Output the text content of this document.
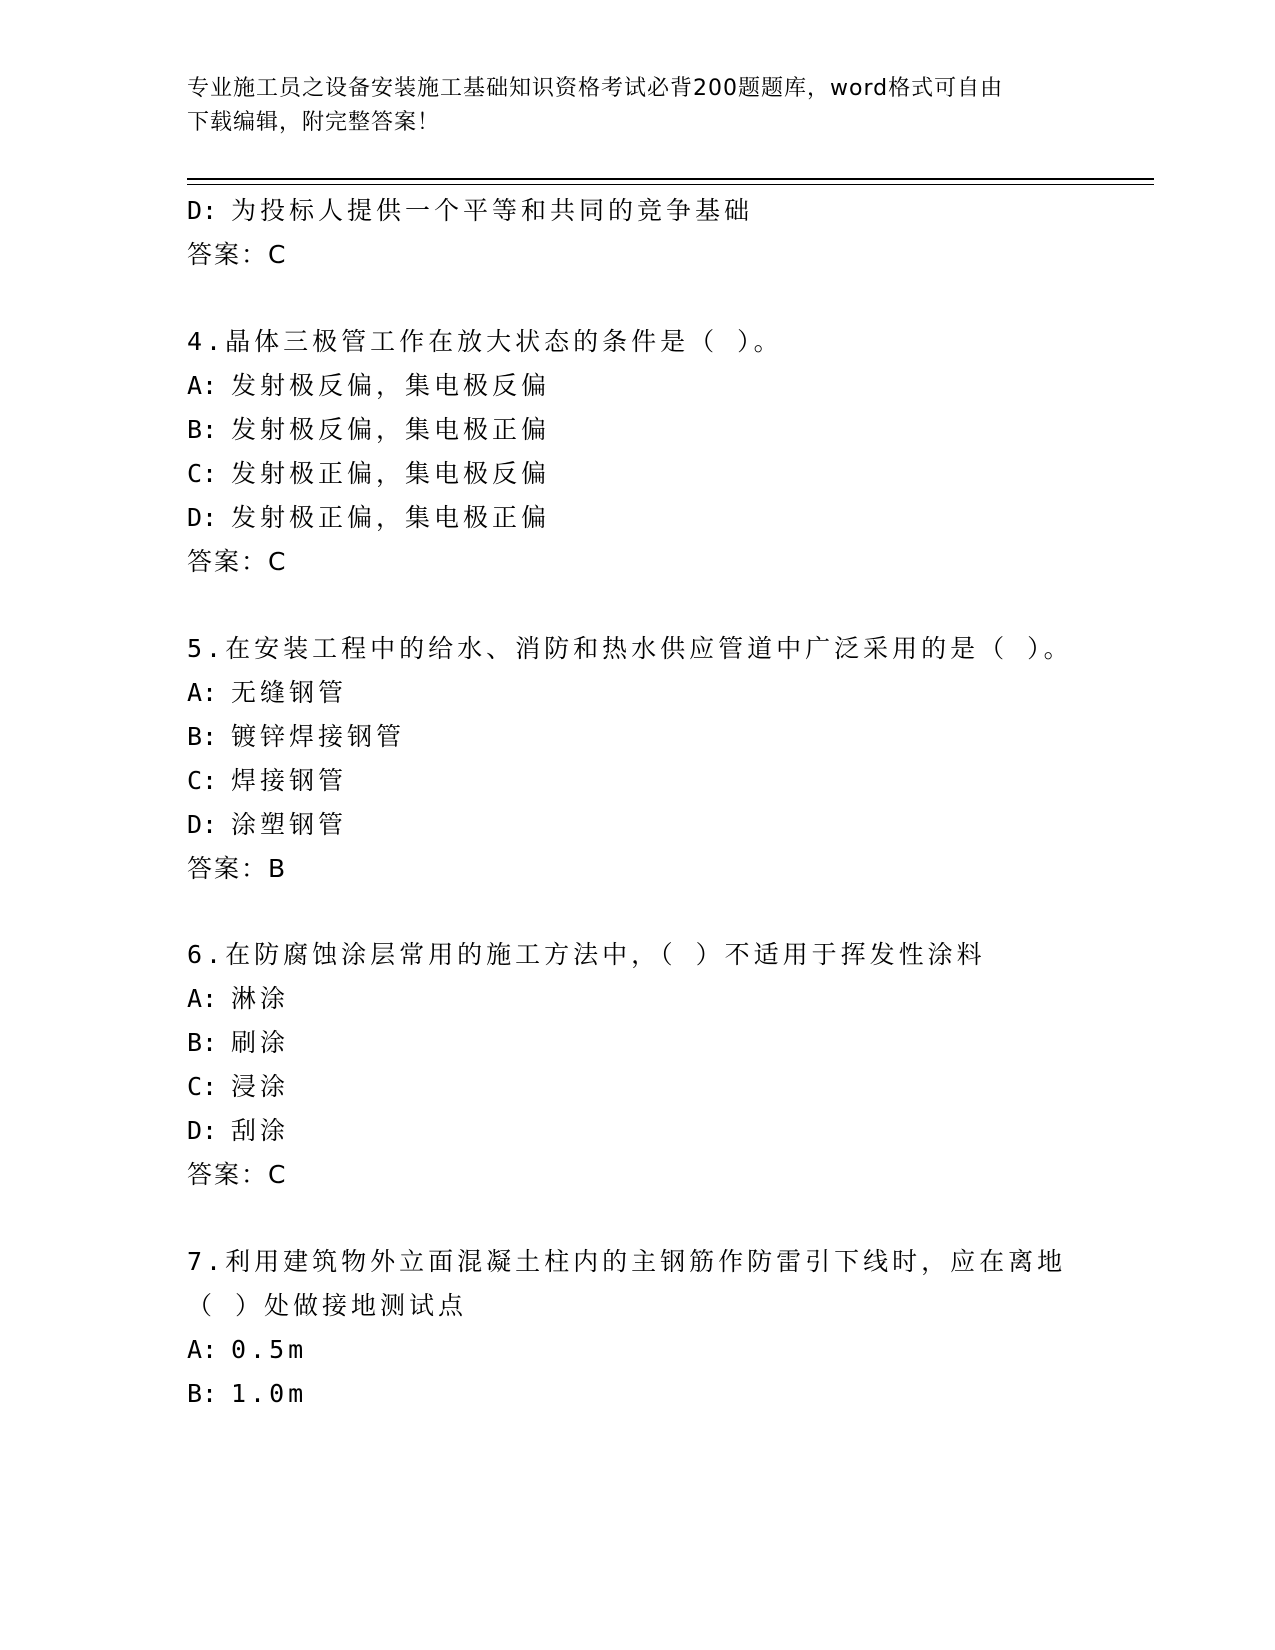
专业施工员之设备安装施工基础知识资格考试必背200题题库，word格式可自由
下载编辑，附完整答案！
D: 为投标人提供一个平等和共同的竞争基础
答案：C
4.晶体三极管工作在放大状态的条件是（ ）。
A: 发射极反偏，集电极反偏
B: 发射极反偏，集电极正偏
C: 发射极正偏，集电极反偏
D: 发射极正偏，集电极正偏
答案：C
5.在安装工程中的给水、消防和热水供应管道中广泛采用的是（ ）。
A: 无缝钢管
B: 镀锌焊接钢管
C: 焊接钢管
D: 涂塑钢管
答案：B
6.在防腐蚀涂层常用的施工方法中，（ ）不适用于挥发性涂料
A: 淋涂
B: 刷涂
C: 浸涂
D: 刮涂
答案：C
7.利用建筑物外立面混凝土柱内的主钢筋作防雷引下线时，应在离地
（ ）处做接地测试点
A: 0.5m
B: 1.0m
